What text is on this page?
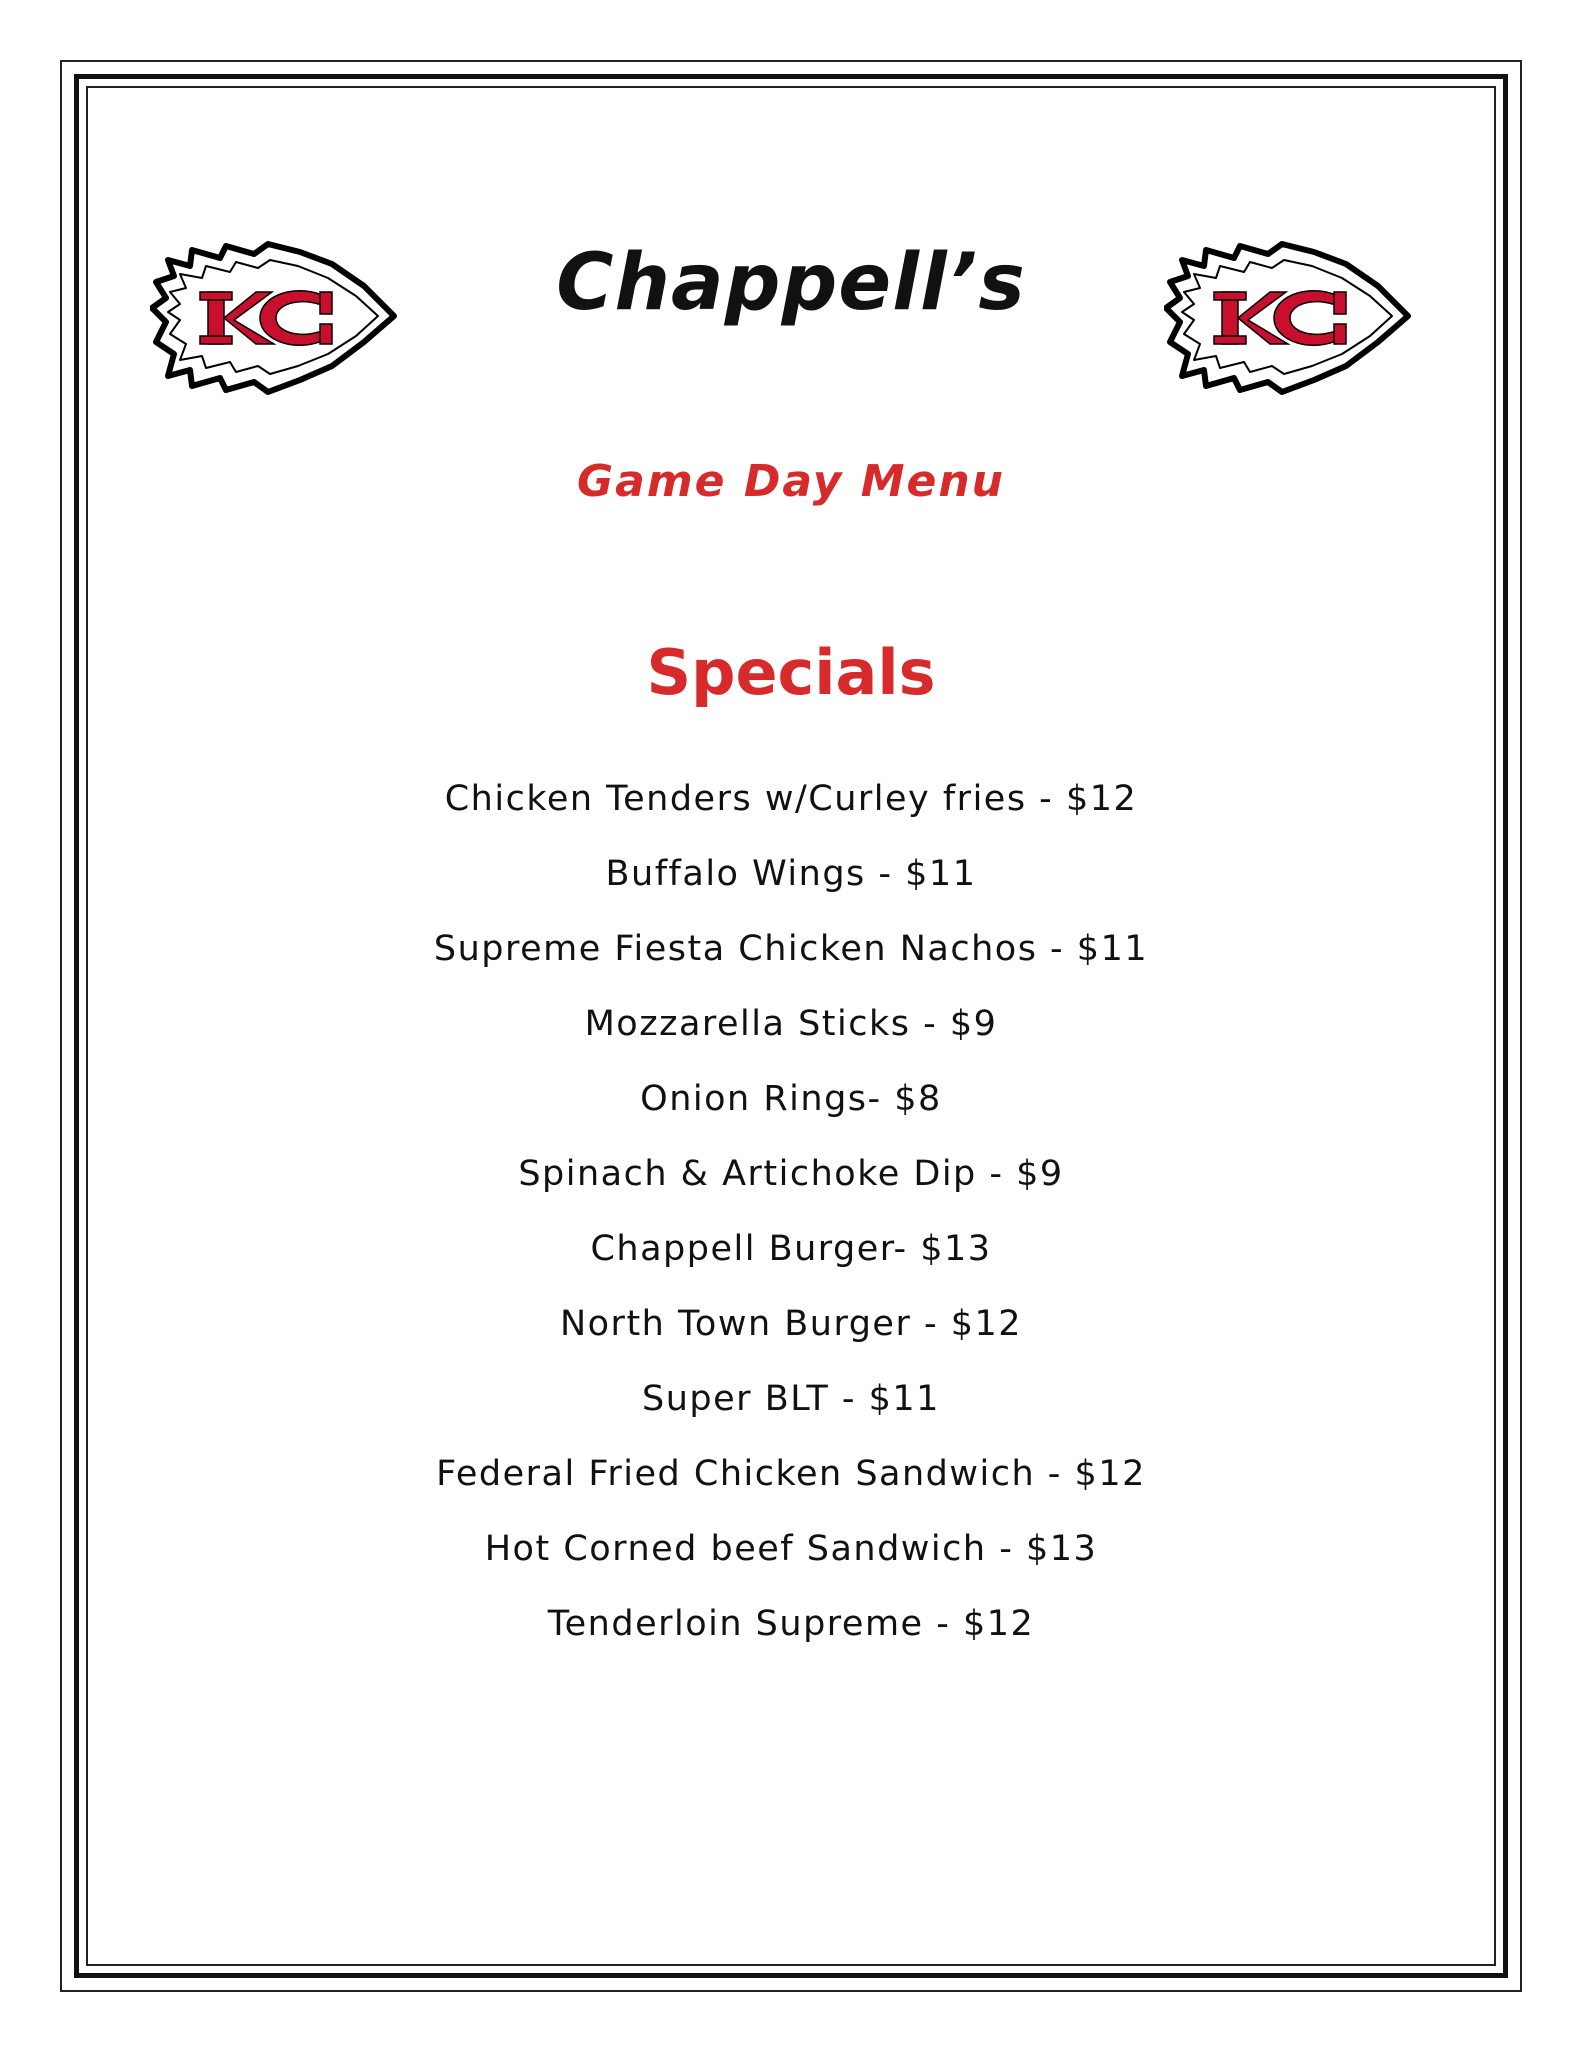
Chappell’s
Game Day Menu
Specials
Chicken Tenders w/Curley fries - $12
Buffalo Wings - $11
Supreme Fiesta Chicken Nachos - $11
Mozzarella Sticks - $9
Onion Rings- $8
Spinach & Artichoke Dip - $9
Chappell Burger- $13
North Town Burger - $12
Super BLT - $11
Federal Fried Chicken Sandwich - $12
Hot Corned beef Sandwich - $13
Tenderloin Supreme - $12
